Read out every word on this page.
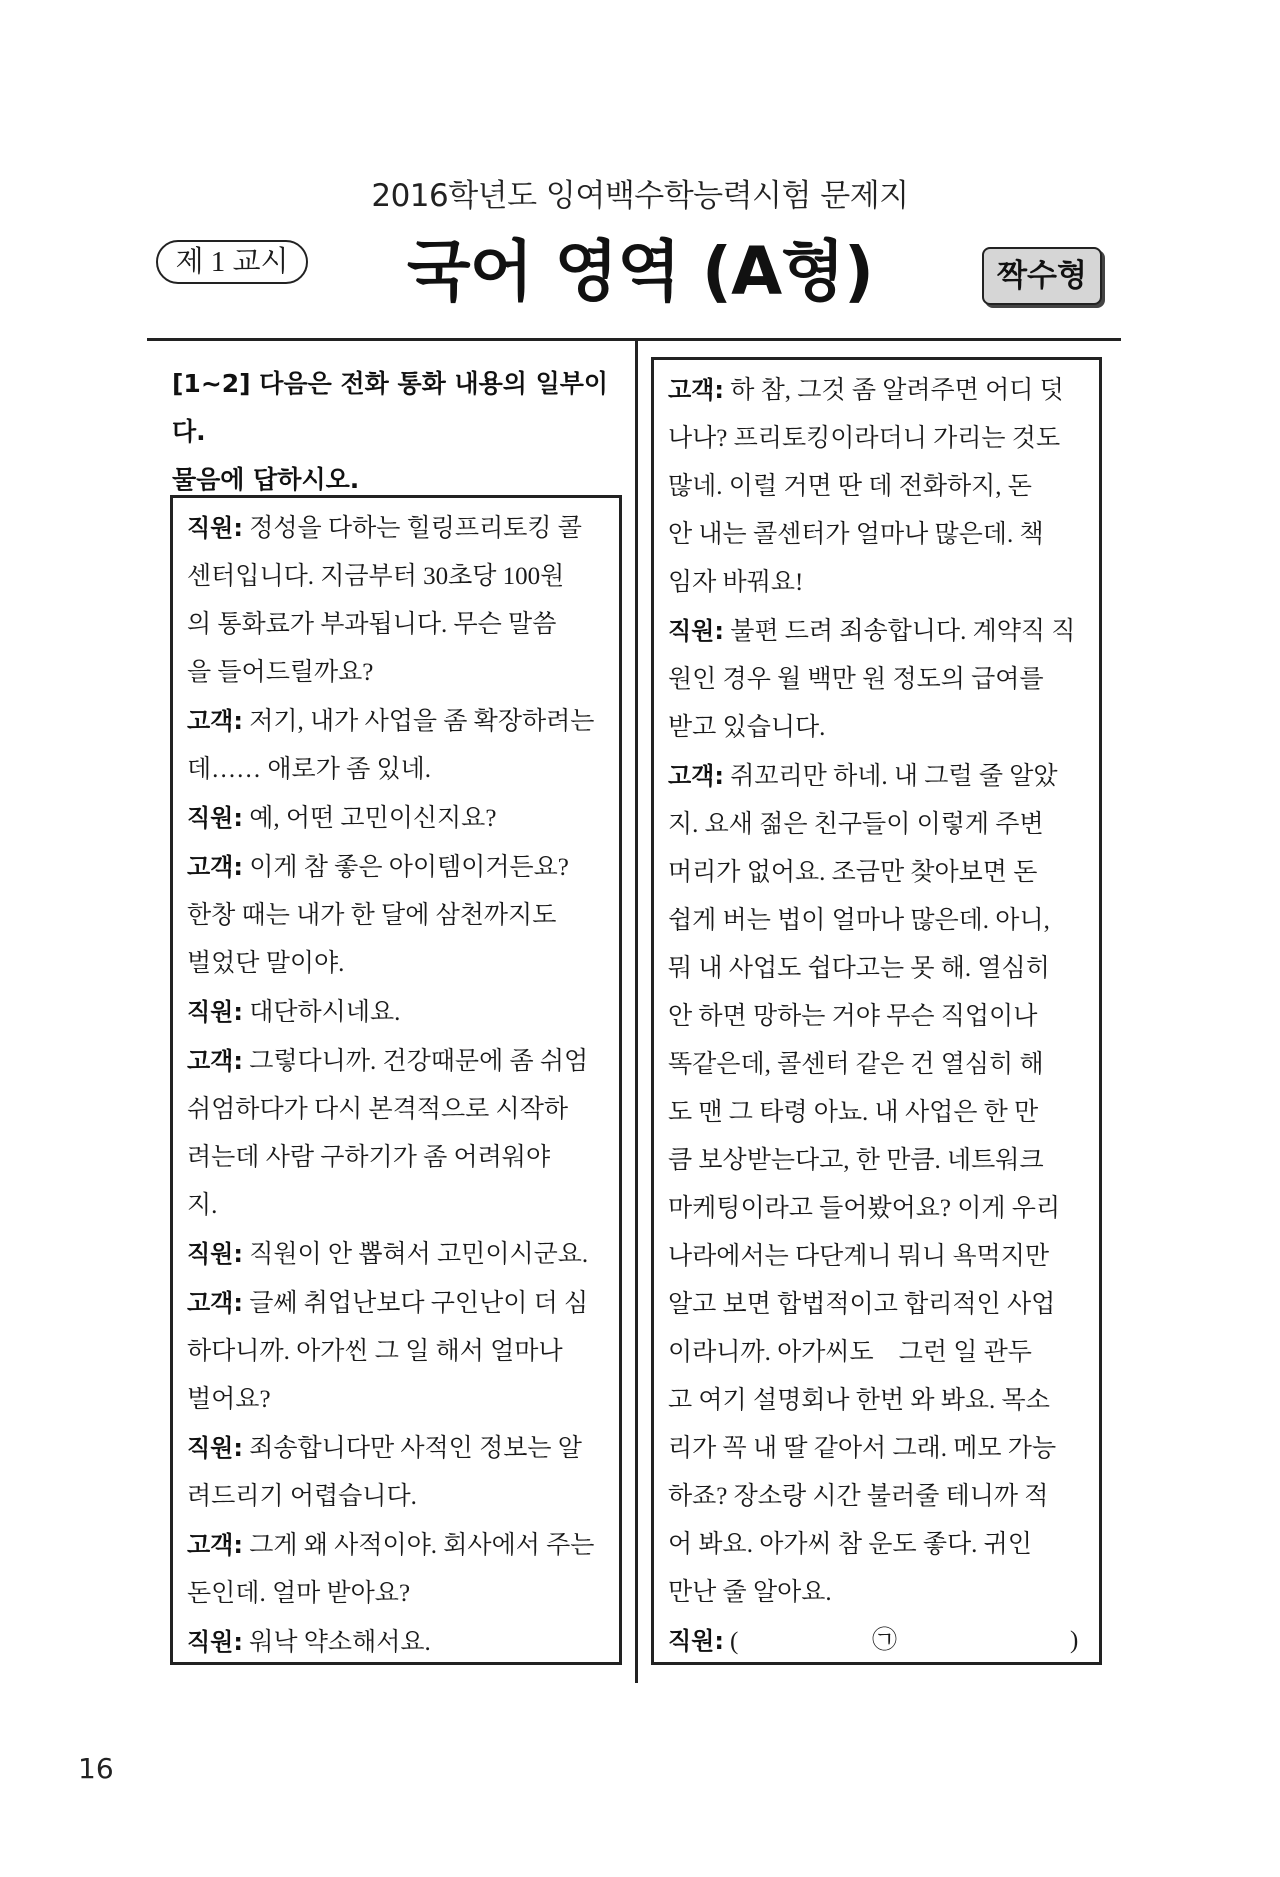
2016학년도 잉여백수학능력시험 문제지
제 1 교시	국어 영역 (A형)	짝수형
[1~2] 다음은 전화 통화 내용의 일부이다.
물음에 답하시오.
직원: 정성을 다하는 힐링프리토킹 콜
센터입니다. 지금부터 30초당 100원
의 통화료가 부과됩니다. 무슨 말씀
을 들어드릴까요?
고객: 저기, 내가 사업을 좀 확장하려는
데…… 애로가 좀 있네.
직원: 예, 어떤 고민이신지요?
고객: 이게 참 좋은 아이템이거든요?
한창 때는 내가 한 달에 삼천까지도
벌었단 말이야.
직원: 대단하시네요.
고객: 그렇다니까. 건강때문에 좀 쉬엄
쉬엄하다가 다시 본격적으로 시작하
려는데 사람 구하기가 좀 어려워야
지.
직원: 직원이 안 뽑혀서 고민이시군요.
고객: 글쎄 취업난보다 구인난이 더 심
하다니까. 아가씬 그 일 해서 얼마나
벌어요?
직원: 죄송합니다만 사적인 정보는 알
려드리기 어렵습니다.
고객: 그게 왜 사적이야. 회사에서 주는
돈인데. 얼마 받아요?
직원: 워낙 약소해서요.
고객: 하 참, 그것 좀 알려주면 어디 덧
나나? 프리토킹이라더니 가리는 것도
많네. 이럴 거면 딴 데 전화하지, 돈
안 내는 콜센터가 얼마나 많은데. 책
임자 바꿔요!
직원: 불편 드려 죄송합니다. 계약직 직
원인 경우 월 백만 원 정도의 급여를
받고 있습니다.
고객: 쥐꼬리만 하네. 내 그럴 줄 알았
지. 요새 젊은 친구들이 이렇게 주변
머리가 없어요. 조금만 찾아보면 돈
쉽게 버는 법이 얼마나 많은데. 아니,
뭐 내 사업도 쉽다고는 못 해. 열심히
안 하면 망하는 거야 무슨 직업이나
똑같은데, 콜센터 같은 건 열심히 해
도 맨 그 타령 아뇨. 내 사업은 한 만
큼 보상받는다고, 한 만큼. 네트워크
마케팅이라고 들어봤어요? 이게 우리
나라에서는 다단계니 뭐니 욕먹지만
알고 보면 합법적이고 합리적인 사업
이라니까. 아가씨도    그런 일 관두
고 여기 설명회나 한번 와 봐요. 목소
리가 꼭 내 딸 같아서 그래. 메모 가능
하죠? 장소랑 시간 불러줄 테니까 적
어 봐요. 아가씨 참 운도 좋다. 귀인
만난 줄 알아요.
직원: (	㉠	)
16
